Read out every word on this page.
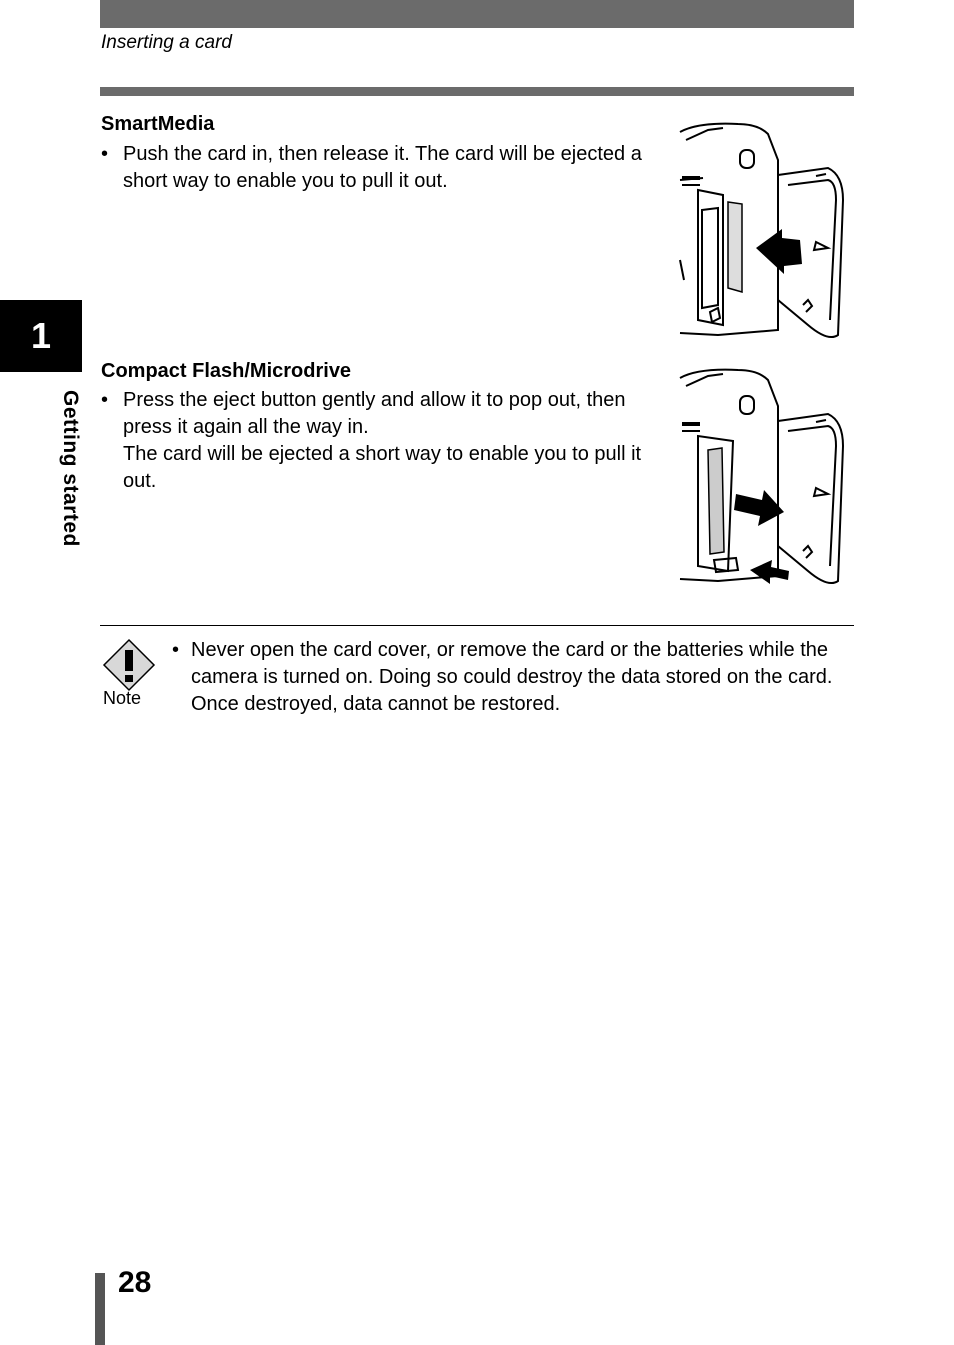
Inserting a card
1
Getting started
SmartMedia
• Push the card in, then release it. The card will be ejected a short way to enable you to pull it out.
Compact Flash/Microdrive
• Press the eject button gently and allow it to pop out, then press it again all the way in.
The card will be ejected a short way to enable you to pull it out.
Note
• Never open the card cover, or remove the card or the batteries while the camera is turned on. Doing so could destroy the data stored on the card. Once destroyed, data cannot be restored.
28
